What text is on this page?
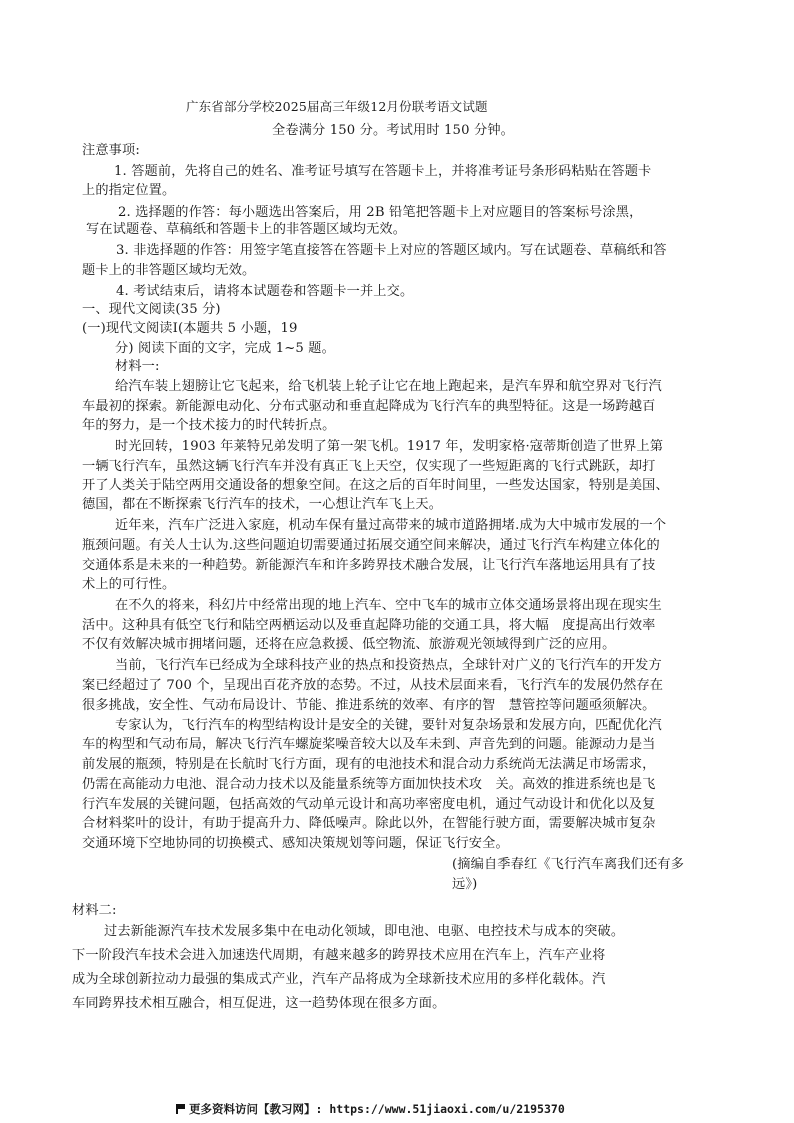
广东省部分学校2025届高三年级12月份联考语文试题
全卷满分 150 分。考试用时 150 分钟。
注意事项:
1. 答题前，先将自己的姓名、准考证号填写在答题卡上，并将准考证号条形码粘贴在答题卡
上的指定位置。
2. 选择题的作答：每小题选出答案后，用 2B 铅笔把答题卡上对应题目的答案标号涂黑，
写在试题卷、草稿纸和答题卡上的非答题区域均无效。
3. 非选择题的作答：用签字笔直接答在答题卡上对应的答题区域内。写在试题卷、草稿纸和答
题卡上的非答题区域均无效。
4. 考试结束后，请将本试题卷和答题卡一并上交。
一、现代文阅读(35 分)
(一)现代文阅读Ⅰ(本题共 5 小题，19
分) 阅读下面的文字，完成 1~5 题。
材料一:
给汽车装上翅膀让它飞起来，给飞机装上轮子让它在地上跑起来，是汽车界和航空界对飞行汽
车最初的探索。新能源电动化、分布式驱动和垂直起降成为飞行汽车的典型特征。这是一场跨越百
年的努力，是一个技术接力的时代转折点。
时光回转，1903 年莱特兄弟发明了第一架飞机。1917 年，发明家格·寇蒂斯创造了世界上第
一辆飞行汽车，虽然这辆飞行汽车并没有真正飞上天空，仅实现了一些短距离的飞行式跳跃，却打
开了人类关于陆空两用交通设备的想象空间。在这之后的百年时间里，一些发达国家，特别是美国、
德国，都在不断探索飞行汽车的技术，一心想让汽车飞上天。
近年来，汽车广泛进入家庭，机动车保有量过高带来的城市道路拥堵.成为大中城市发展的一个
瓶颈问题。有关人士认为.这些问题迫切需要通过拓展交通空间来解决，通过飞行汽车构建立体化的
交通体系是未来的一种趋势。新能源汽车和许多跨界技术融合发展，让飞行汽车落地运用具有了技
术上的可行性。
在不久的将来，科幻片中经常出现的地上汽车、空中飞车的城市立体交通场景将出现在现实生
活中。这种具有低空飞行和陆空两栖运动以及垂直起降功能的交通工具，将大幅　度提高出行效率
不仅有效解决城市拥堵问题，还将在应急救援、低空物流、旅游观光领域得到广泛的应用。
当前，飞行汽车已经成为全球科技产业的热点和投资热点，全球针对广义的飞行汽车的开发方
案已经超过了 700 个，呈现出百花齐放的态势。不过，从技术层面来看，飞行汽车的发展仍然存在
很多挑战，安全性、气动布局设计、节能、推进系统的效率、有序的智　慧管控等问题亟须解决。
专家认为，飞行汽车的构型结构设计是安全的关键，要针对复杂场景和发展方向，匹配优化汽
车的构型和气动布局，解决飞行汽车螺旋桨噪音较大以及车未到、声音先到的问题。能源动力是当
前发展的瓶颈，特别是在长航时飞行方面，现有的电池技术和混合动力系统尚无法满足市场需求，
仍需在高能动力电池、混合动力技术以及能量系统等方面加快技术攻　关。高效的推进系统也是飞
行汽车发展的关键问题，包括高效的气动单元设计和高功率密度电机，通过气动设计和优化以及复
合材料桨叶的设计，有助于提高升力、降低噪声。除此以外，在智能行驶方面，需要解决城市复杂
交通环境下空地协同的切换模式、感知决策规划等问题，保证飞行安全。
(摘编自季春红《飞行汽车离我们还有多
远》)
材料二:
过去新能源汽车技术发展多集中在电动化领域，即电池、电驱、电控技术与成本的突破。
下一阶段汽车技术会进入加速迭代周期，有越来越多的跨界技术应用在汽车上，汽车产业将
成为全球创新拉动力最强的集成式产业，汽车产品将成为全球新技术应用的多样化载体。汽
车同跨界技术相互融合，相互促进，这一趋势体现在很多方面。
更多资料访问【教习网】: https://www.51jiaoxi.com/u/2195370
